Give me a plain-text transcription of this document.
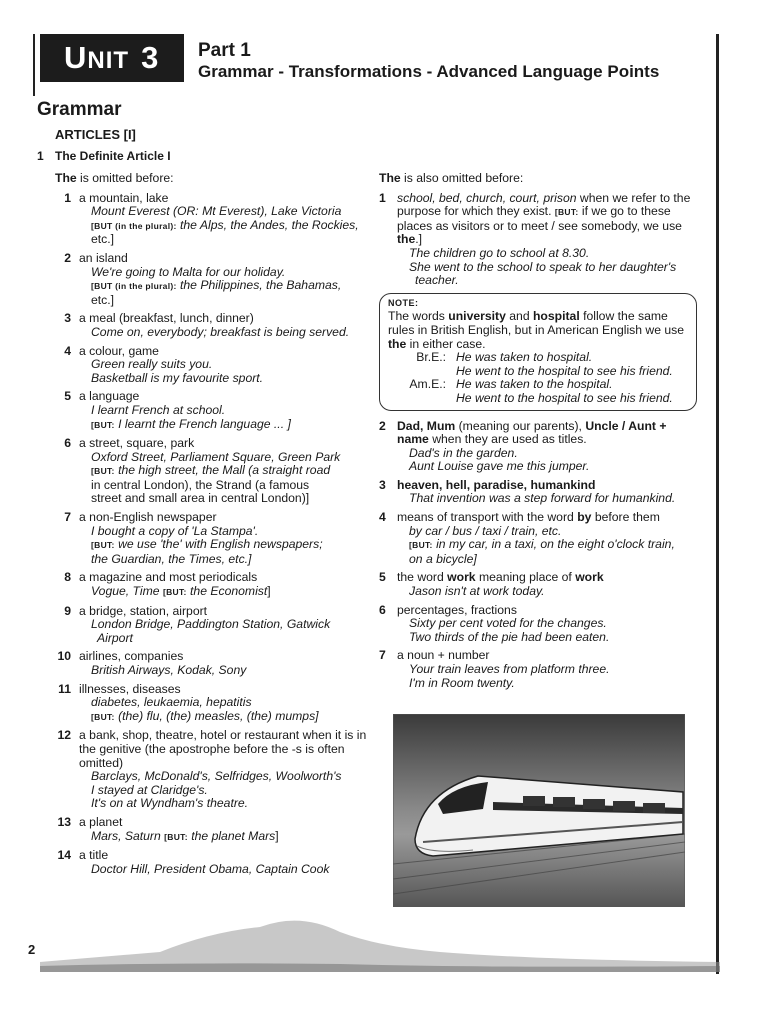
UNIT 3 Part 1
Grammar - Transformations - Advanced Language Points
Grammar
ARTICLES [I]
1 The Definite Article I
The is omitted before:
1 a mountain, lake
Mount Everest (OR: Mt Everest), Lake Victoria
[BUT (in the plural): the Alps, the Andes, the Rockies,
etc.]
2 an island
We're going to Malta for our holiday.
[BUT (in the plural): the Philippines, the Bahamas,
etc.]
3 a meal (breakfast, lunch, dinner)
Come on, everybody; breakfast is being served.
4 a colour, game
Green really suits you.
Basketball is my favourite sport.
5 a language
I learnt French at school.
[BUT: I learnt the French language ... ]
6 a street, square, park
Oxford Street, Parliament Square, Green Park
[BUT: the high street, the Mall (a straight road
in central London), the Strand (a famous
street and small area in central London)]
7 a non-English newspaper
I bought a copy of 'La Stampa'.
[BUT: we use 'the' with English newspapers;
the Guardian, the Times, etc.]
8 a magazine and most periodicals
Vogue, Time [BUT: the Economist]
9 a bridge, station, airport
London Bridge, Paddington Station, Gatwick
Airport
10 airlines, companies
British Airways, Kodak, Sony
11 illnesses, diseases
diabetes, leukaemia, hepatitis
[BUT: (the) flu, (the) measles, (the) mumps]
12 a bank, shop, theatre, hotel or restaurant when it is in the genitive (the apostrophe before the -s is often omitted)
Barclays, McDonald's, Selfridges, Woolworth's
I stayed at Claridge's.
It's on at Wyndham's theatre.
13 a planet
Mars, Saturn [BUT: the planet Mars]
14 a title
Doctor Hill, President Obama, Captain Cook
The is also omitted before:
1 school, bed, church, court, prison when we refer to the purpose for which they exist. [BUT: if we go to these places as visitors or to meet / see somebody, we use the.]
The children go to school at 8.30.
She went to the school to speak to her daughter's
teacher.
NOTE:
The words university and hospital follow the same rules in British English, but in American English we use the in either case.
Br.E.: He was taken to hospital.
He went to the hospital to see his friend.
Am.E.: He was taken to the hospital.
He went to the hospital to see his friend.
2 Dad, Mum (meaning our parents), Uncle / Aunt + name when they are used as titles.
Dad's in the garden.
Aunt Louise gave me this jumper.
3 heaven, hell, paradise, humankind
That invention was a step forward for humankind.
4 means of transport with the word by before them
by car / bus / taxi / train, etc.
[BUT: in my car, in a taxi, on the eight o'clock train,
on a bicycle]
5 the word work meaning place of work
Jason isn't at work today.
6 percentages, fractions
Sixty per cent voted for the changes.
Two thirds of the pie had been eaten.
7 a noun + number
Your train leaves from platform three.
I'm in Room twenty.
2
